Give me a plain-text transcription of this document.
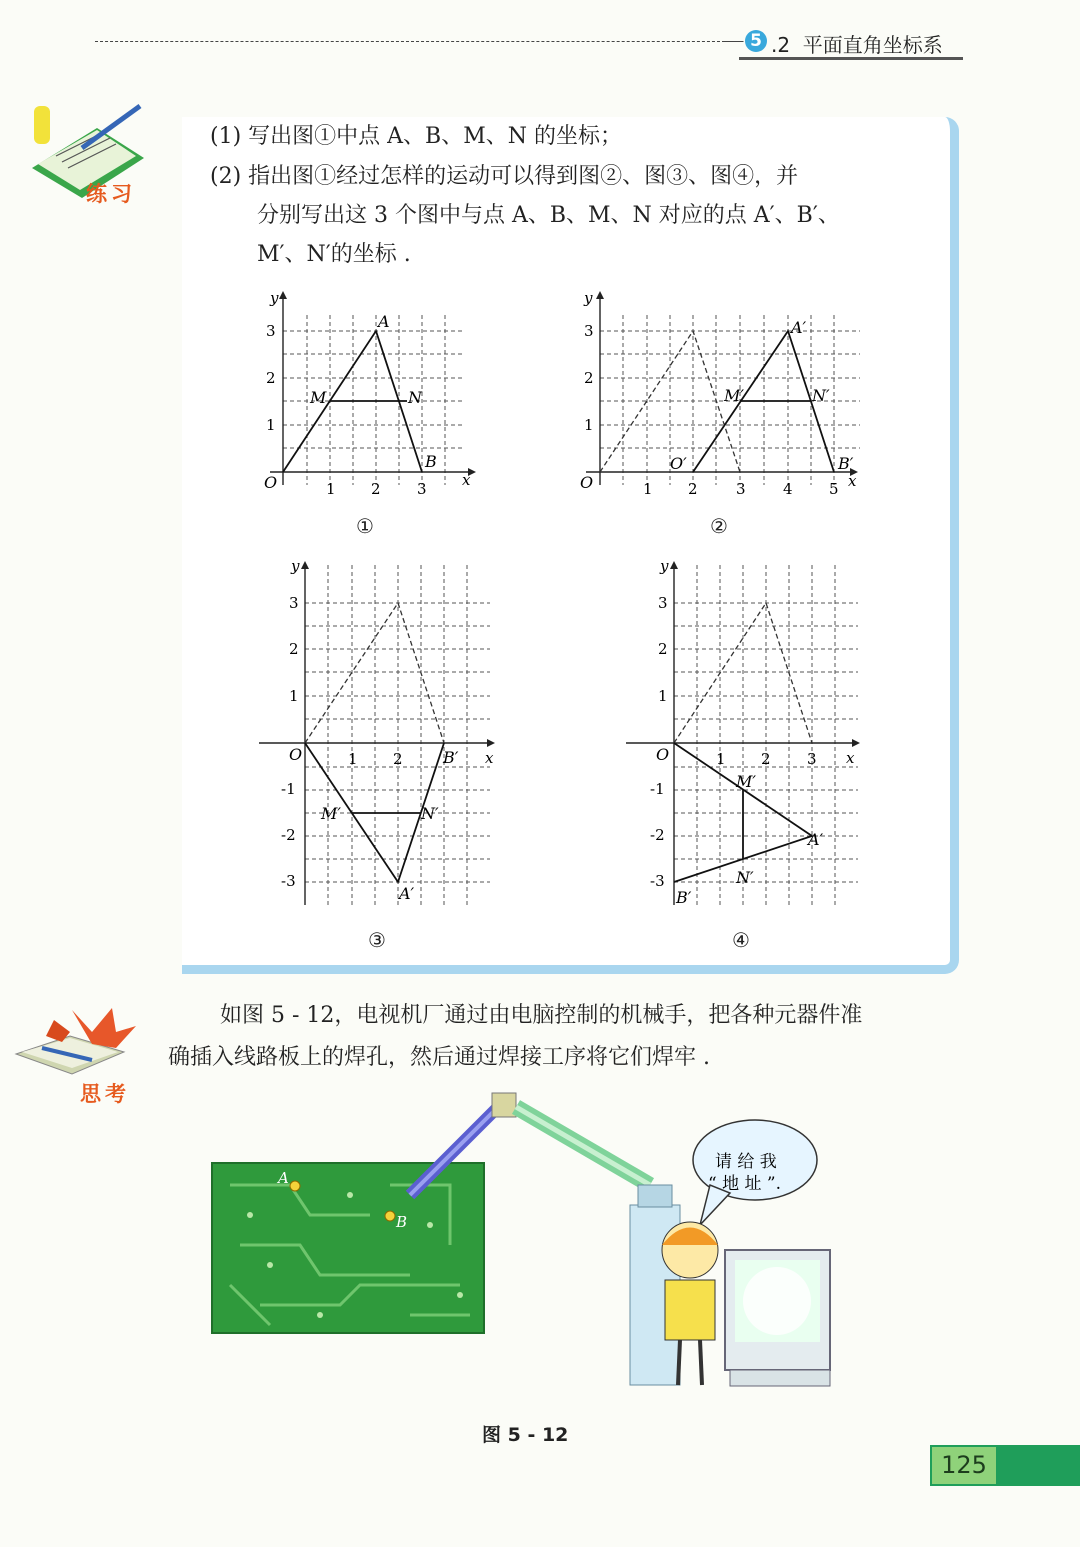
5 .2  平面直角坐标系
练习
(1) 写出图①中点 A、B、M、N 的坐标；
(2) 指出图①经过怎样的运动可以得到图②、图③、图④，并
分别写出这 3 个图中与点 A、B、M、N 对应的点 A′、B′、
M′、N′的坐标 .
y
x
O	1 2 3
1
2
3	A
B
M	N
①
y
x
O	1 2	3 4 5
1
2
3	A′
B′
M′	N′
O′
②
y
x
O	1 2
1
2
3
-1
-2
-3
B′
A′
M′	N′
③
y
x
O	1 2 3
1
2
3
-1
-2
-3
A′
B′
M′
N′
④
思考
如图 5 - 12，电视机厂通过由电脑控制的机械手，把各种元器件准
确插入线路板上的焊孔，然后通过焊接工序将它们焊牢 .
A
B
请 给 我
“ 地 址 ”.
图 5 - 12
125
